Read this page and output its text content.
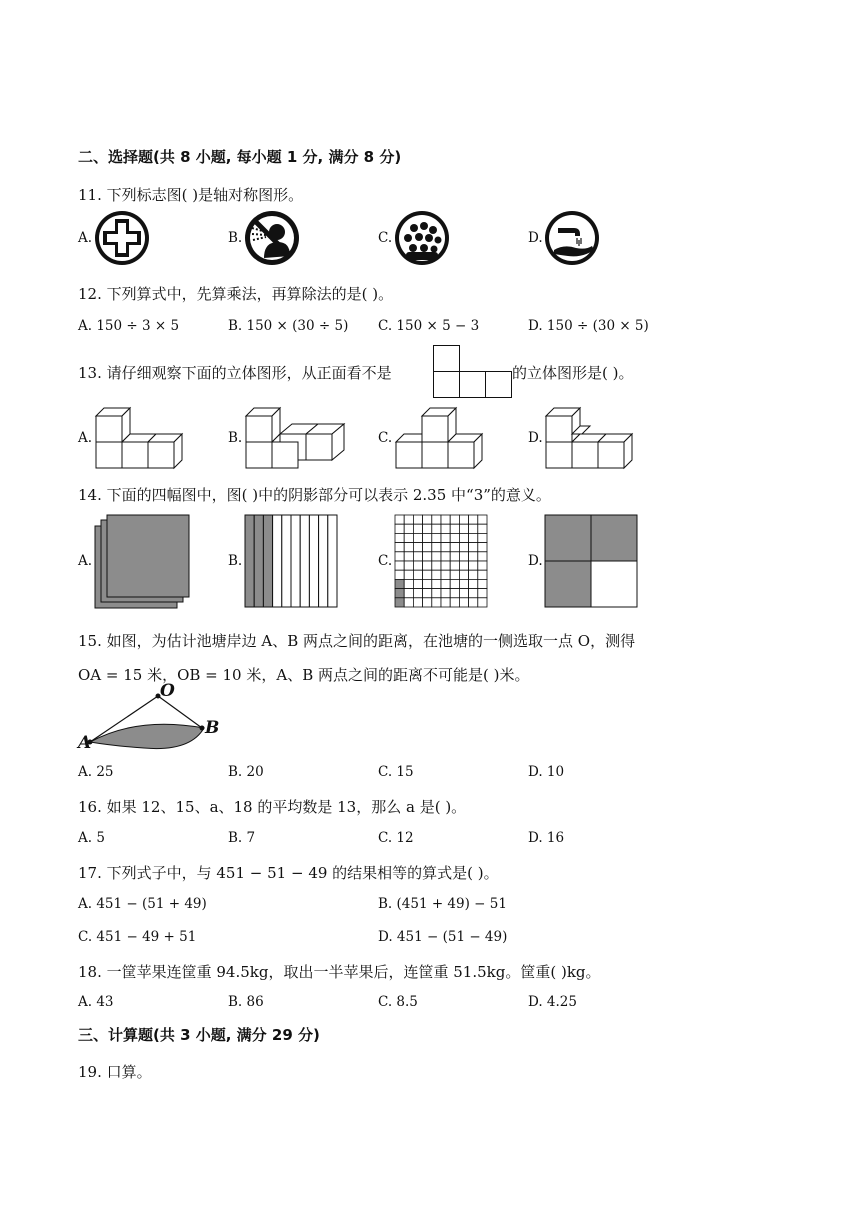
二、选择题(共 8 小题, 每小题 1 分, 满分 8 分)
11. 下列标志图( )是轴对称图形。
A.	B.	C.	D.
12. 下列算式中，先算乘法，再算除法的是( )。
A. 150 ÷ 3 × 5	B. 150 × (30 ÷ 5) C. 150 × 5 − 3	D. 150 ÷ (30 × 5)
13. 请仔细观察下面的立体图形，从正面看不是	的立体图形是( )。
A.	B.	C.	D.
14. 下面的四幅图中，图( )中的阴影部分可以表示 2.35 中“3”的意义。
A.	B.	C.	D.
15. 如图，为估计池塘岸边 A、B 两点之间的距离，在池塘的一侧选取一点 O，测得
OA = 15 米，OB = 10 米，A、B 两点之间的距离不可能是( )米。
O
A
B
A. 25	B. 20	C. 15	D. 10
16. 如果 12、15、a、18 的平均数是 13，那么 a 是( )。
A. 5	B. 7	C. 12	D. 16
17. 下列式子中，与 451 − 51 − 49 的结果相等的算式是( )。
A. 451 − (51 + 49)	B. (451 + 49) − 51
C. 451 − 49 + 51	D. 451 − (51 − 49)
18. 一筐苹果连筐重 94.5kg，取出一半苹果后，连筐重 51.5kg。筐重( )kg。
A. 43	B. 86	C. 8.5	D. 4.25
三、计算题(共 3 小题, 满分 29 分)
19. 口算。
